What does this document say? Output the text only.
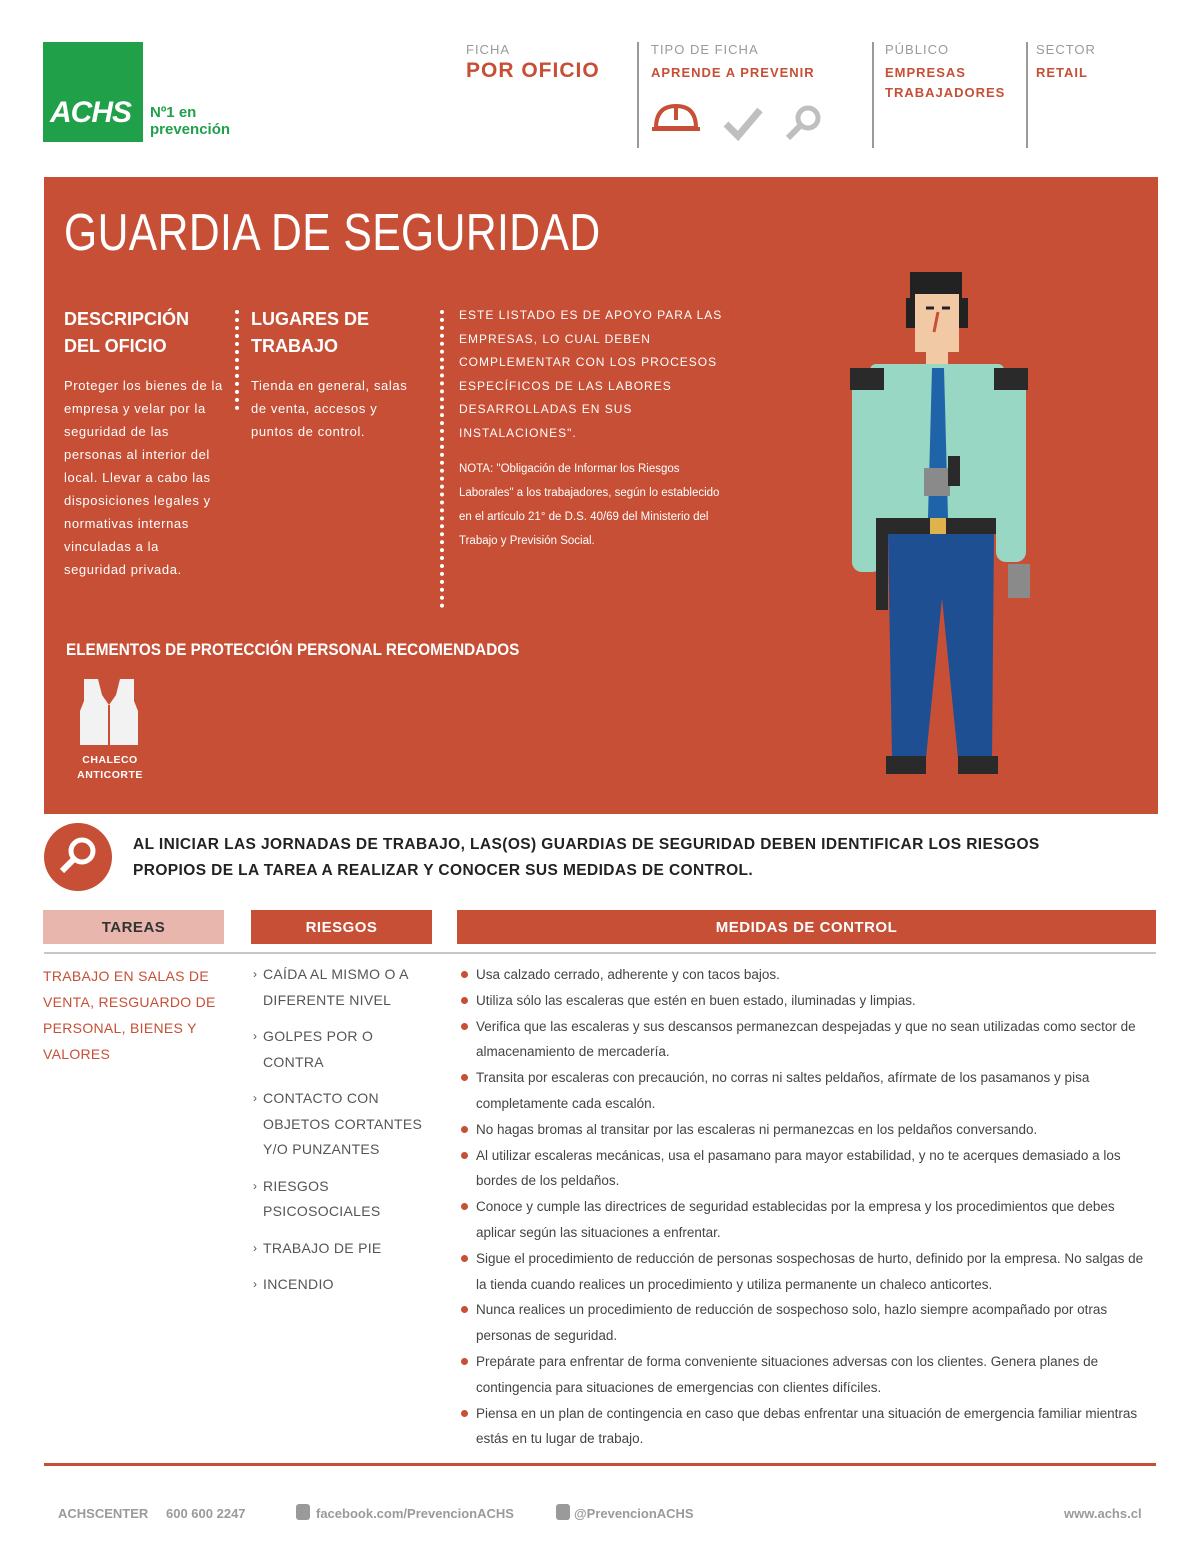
ACHS Nº1 en prevención
FICHA
POR OFICIO
TIPO DE FICHA
APRENDE A PREVENIR
PÚBLICO
EMPRESAS
TRABAJADORES
SECTOR
RETAIL
GUARDIA DE SEGURIDAD
DESCRIPCIÓN DEL OFICIO
Proteger los bienes de la empresa y velar por la seguridad de las personas al interior del local. Llevar a cabo las disposiciones legales y normativas internas vinculadas a la seguridad privada.
LUGARES DE TRABAJO
Tienda en general, salas de venta, accesos y puntos de control.
ESTE LISTADO ES DE APOYO PARA LAS EMPRESAS, LO CUAL DEBEN COMPLEMENTAR CON LOS PROCESOS ESPECÍFICOS DE LAS LABORES DESARROLLADAS EN SUS INSTALACIONES".
NOTA: "Obligación de Informar los Riesgos Laborales" a los trabajadores, según lo establecido en el artículo 21° de D.S. 40/69 del Ministerio del Trabajo y Previsión Social.
ELEMENTOS DE PROTECCIÓN PERSONAL RECOMENDADOS
CHALECO ANTICORTE
AL INICIAR LAS JORNADAS DE TRABAJO, LAS(OS) GUARDIAS DE SEGURIDAD DEBEN IDENTIFICAR LOS RIESGOS PROPIOS DE LA TAREA A REALIZAR Y CONOCER SUS MEDIDAS DE CONTROL.
TAREAS	RIESGOS	MEDIDAS DE CONTROL
TRABAJO EN SALAS DE VENTA, RESGUARDO DE PERSONAL, BIENES Y VALORES
› CAÍDA AL MISMO O A DIFERENTE NIVEL
› GOLPES POR O CONTRA
› CONTACTO CON OBJETOS CORTANTES Y/O PUNZANTES
› RIESGOS PSICOSOCIALES
› TRABAJO DE PIE
› INCENDIO
Usa calzado cerrado, adherente y con tacos bajos.
Utiliza sólo las escaleras que estén en buen estado, iluminadas y limpias.
Verifica que las escaleras y sus descansos permanezcan despejadas y que no sean utilizadas como sector de almacenamiento de mercadería.
Transita por escaleras con precaución, no corras ni saltes peldaños, afírmate de los pasamanos y pisa completamente cada escalón.
No hagas bromas al transitar por las escaleras ni permanezcas en los peldaños conversando.
Al utilizar escaleras mecánicas, usa el pasamano para mayor estabilidad, y no te acerques demasiado a los bordes de los peldaños.
Conoce y cumple las directrices de seguridad establecidas por la empresa y los procedimientos que debes aplicar según las situaciones a enfrentar.
Sigue el procedimiento de reducción de personas sospechosas de hurto, definido por la empresa. No salgas de la tienda cuando realices un procedimiento y utiliza permanente un chaleco anticortes.
Nunca realices un procedimiento de reducción de sospechoso solo, hazlo siempre acompañado por otras personas de seguridad.
Prepárate para enfrentar de forma conveniente situaciones adversas con los clientes. Genera planes de contingencia para situaciones de emergencias con clientes difíciles.
Piensa en un plan de contingencia en caso que debas enfrentar una situación de emergencia familiar mientras estás en tu lugar de trabajo.
ACHSCENTER 600 600 2247	facebook.com/PrevencionACHS	@PrevencionACHS	www.achs.cl
